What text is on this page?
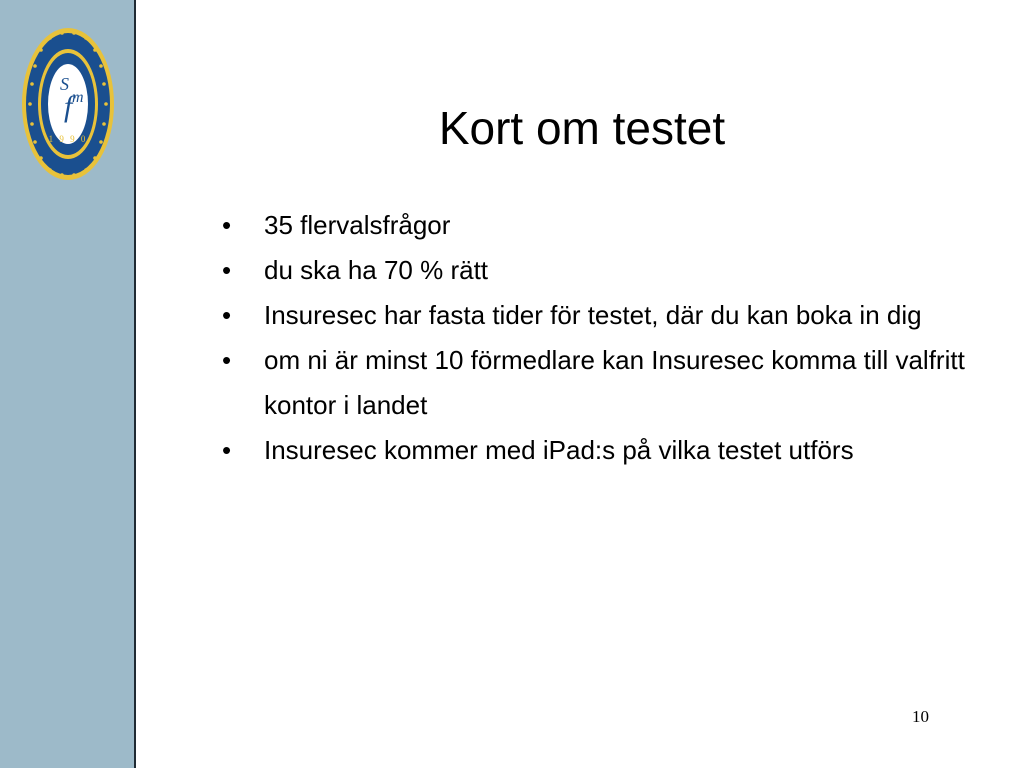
S
f m
1 9 9 0	Kort om testet
•	35 flervalsfrågor
•	du ska ha 70 % rätt
•	Insuresec har fasta tider för testet, där du kan boka in dig
•	om ni är minst 10 förmedlare kan Insuresec komma till valfritt kontor i landet
•	Insuresec kommer med iPad:s på vilka testet utförs
10
